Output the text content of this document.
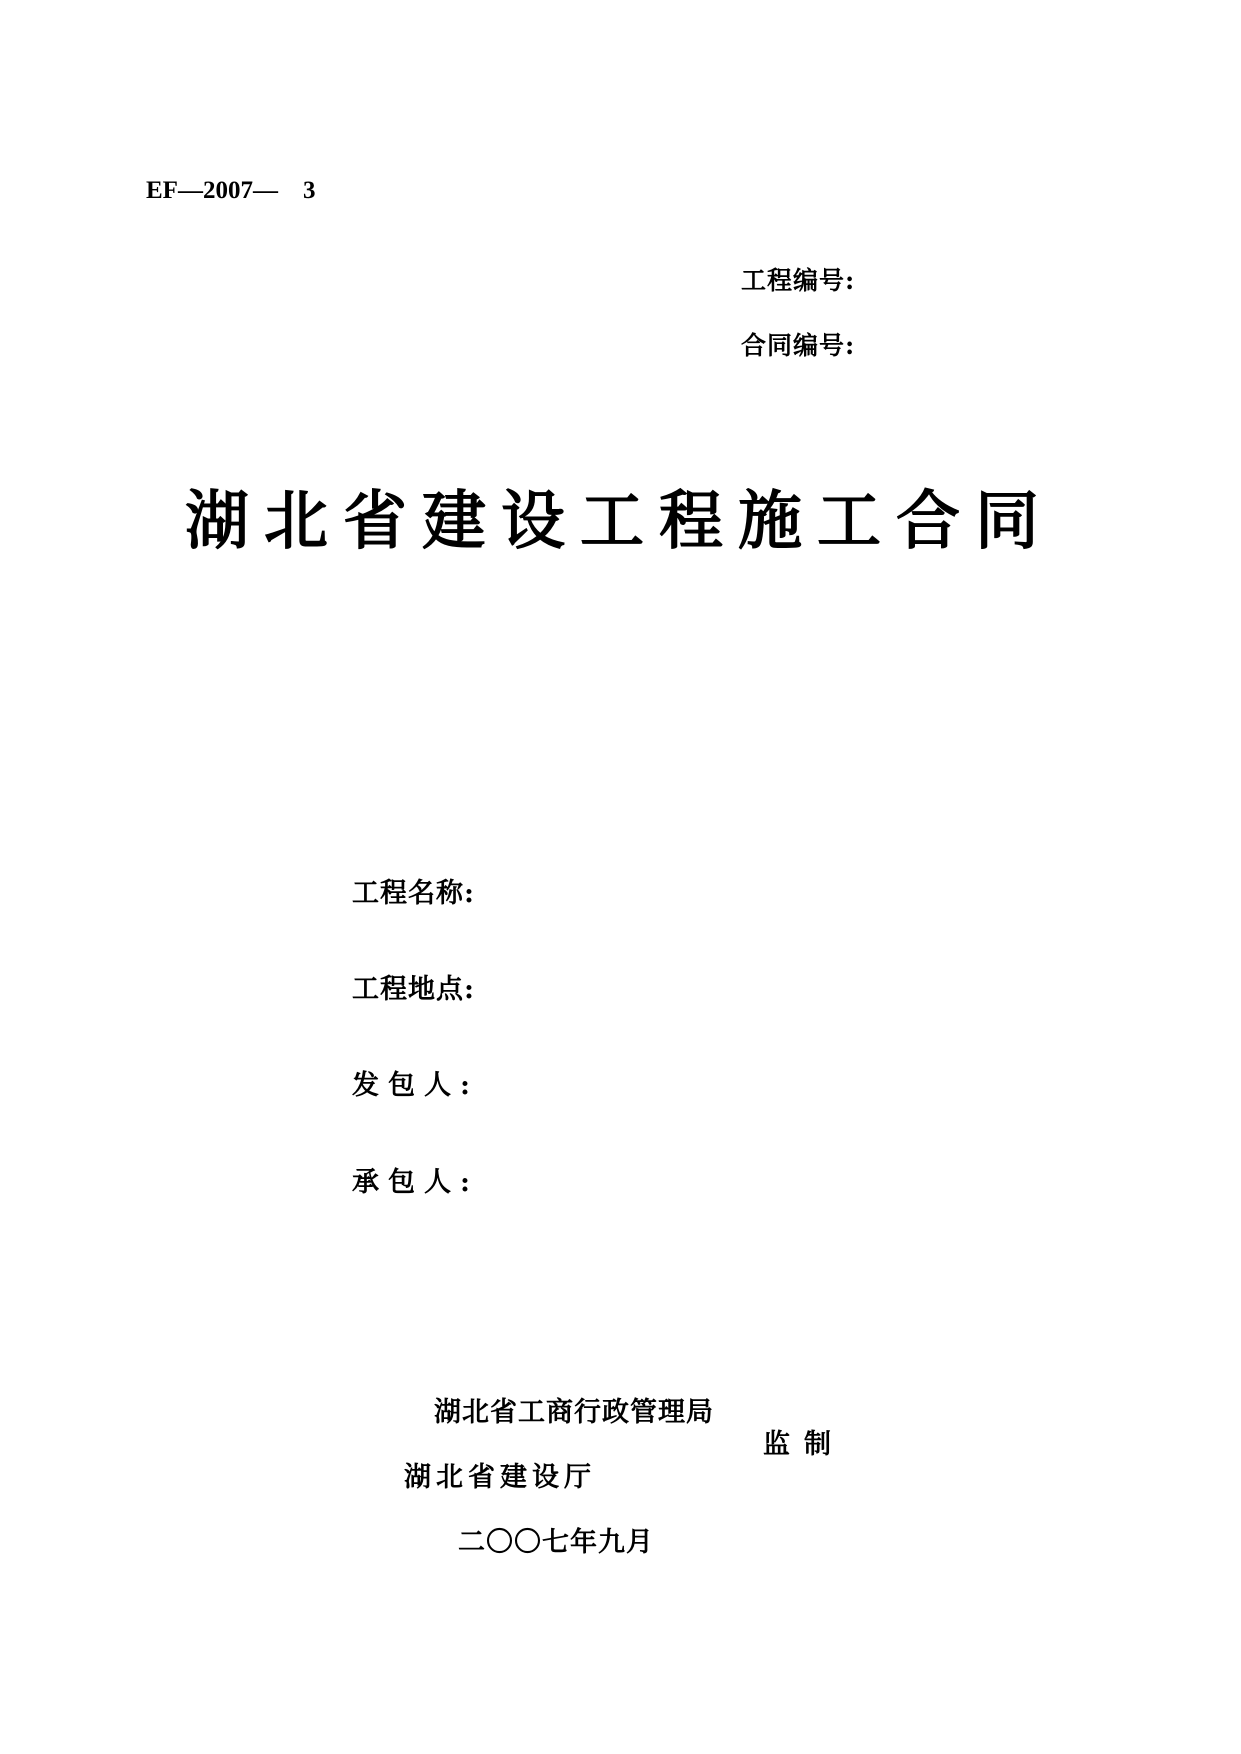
EF—2007—　3
工程编号:
合同编号:
湖北省建设工程施工合同
工程名称:
工程地点:
发包人:
承包人:
湖北省工商行政管理局
监制
湖北省建设厅
二〇〇七年九月
